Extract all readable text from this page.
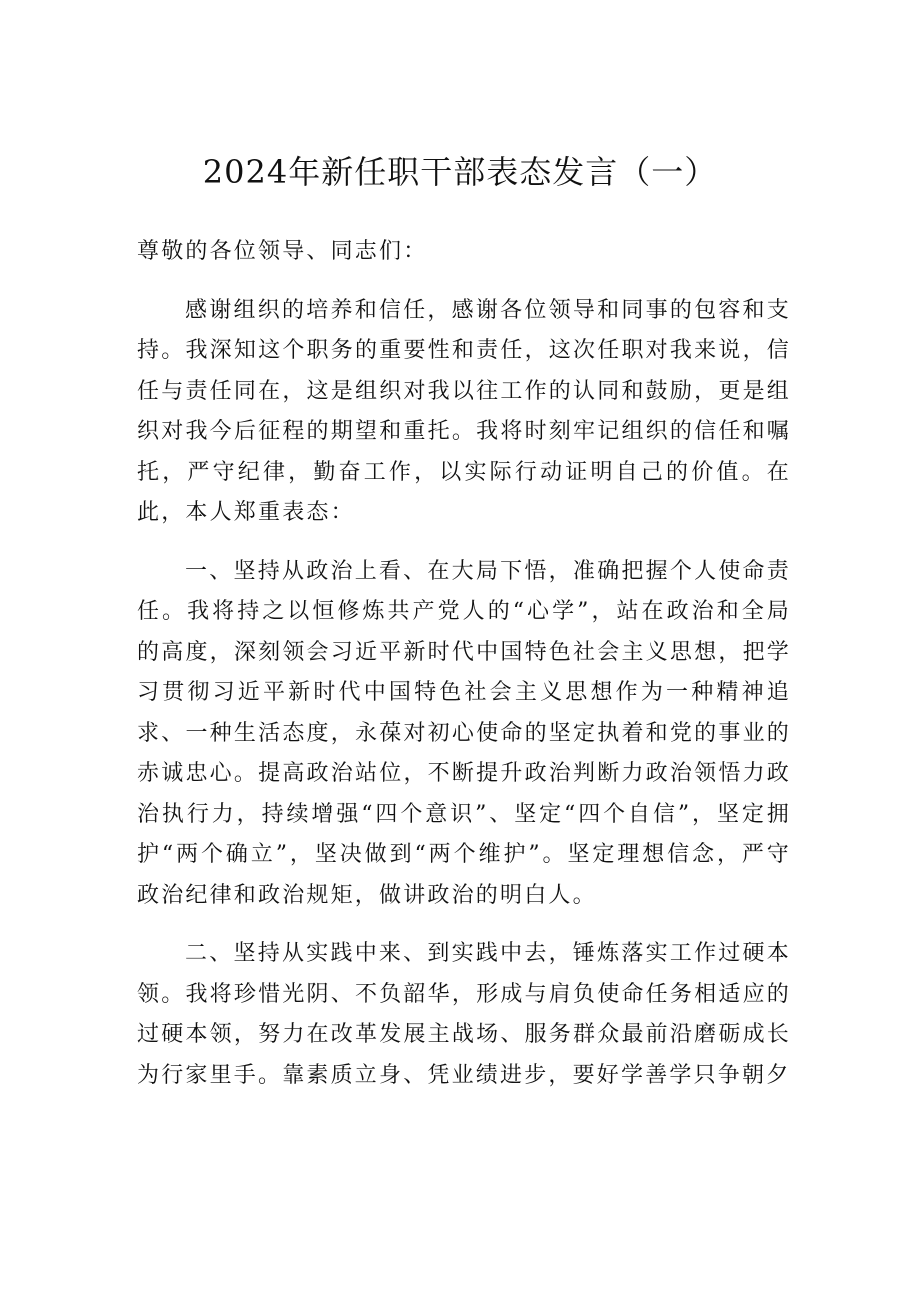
2024年新任职干部表态发言（一）

尊敬的各位领导、同志们：

感谢组织的培养和信任，感谢各位领导和同事的包容和支持。我深知这个职务的重要性和责任，这次任职对我来说，信任与责任同在，这是组织对我以往工作的认同和鼓励，更是组织对我今后征程的期望和重托。我将时刻牢记组织的信任和嘱托，严守纪律，勤奋工作，以实际行动证明自己的价值。在此，本人郑重表态：

一、坚持从政治上看、在大局下悟，准确把握个人使命责任。我将持之以恒修炼共产党人的“心学”，站在政治和全局的高度，深刻领会习近平新时代中国特色社会主义思想，把学习贯彻习近平新时代中国特色社会主义思想作为一种精神追求、一种生活态度，永葆对初心使命的坚定执着和党的事业的赤诚忠心。提高政治站位，不断提升政治判断力政治领悟力政治执行力，持续增强“四个意识”、坚定“四个自信”，坚定拥护“两个确立”，坚决做到“两个维护”。坚定理想信念，严守政治纪律和政治规矩，做讲政治的明白人。

二、坚持从实践中来、到实践中去，锤炼落实工作过硬本领。我将珍惜光阴、不负韶华，形成与肩负使命任务相适应的过硬本领，努力在改革发展主战场、服务群众最前沿磨砺成长为行家里手。靠素质立身、凭业绩进步，要好学善学只争朝夕
